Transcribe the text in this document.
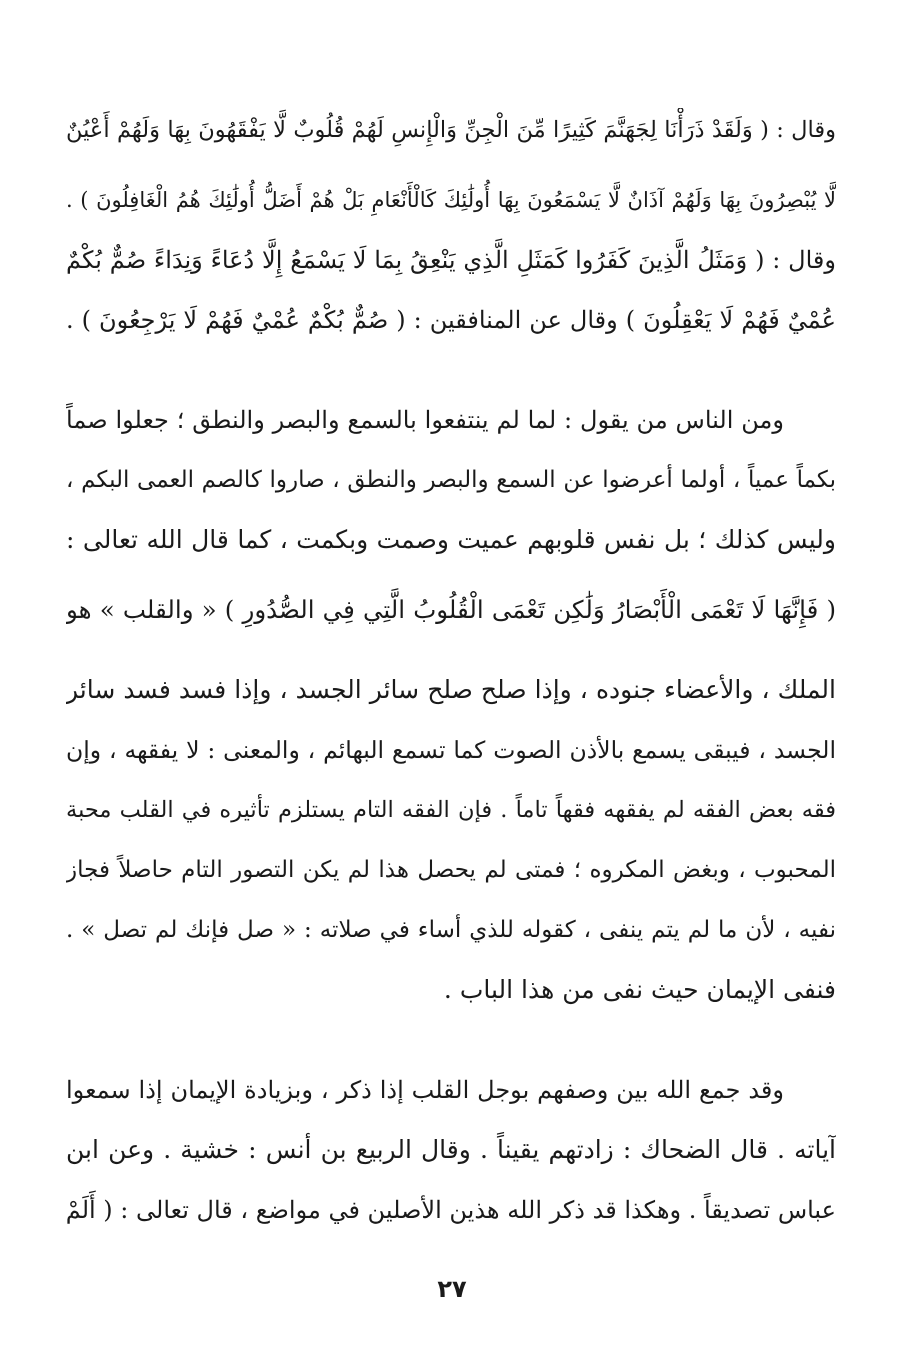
وقال : ( وَلَقَدْ ذَرَأْنَا لِجَهَنَّمَ كَثِيرًا مِّنَ الْجِنِّ وَالْإِنسِ لَهُمْ قُلُوبٌ لَّا يَفْقَهُونَ بِهَا وَلَهُمْ أَعْيُنٌ
لَّا يُبْصِرُونَ بِهَا وَلَهُمْ آذَانٌ لَّا يَسْمَعُونَ بِهَا أُولَٰئِكَ كَالْأَنْعَامِ بَلْ هُمْ أَضَلُّ أُولَٰئِكَ هُمُ الْغَافِلُونَ ) .
وقال : ( وَمَثَلُ الَّذِينَ كَفَرُوا كَمَثَلِ الَّذِي يَنْعِقُ بِمَا لَا يَسْمَعُ إِلَّا دُعَاءً وَنِدَاءً صُمٌّ بُكْمٌ
عُمْيٌ فَهُمْ لَا يَعْقِلُونَ ) وقال عن المنافقين : ( صُمٌّ بُكْمٌ عُمْيٌ فَهُمْ لَا يَرْجِعُونَ ) .
ومن الناس من يقول : لما لم ينتفعوا بالسمع والبصر والنطق ؛ جعلوا صماً
بكماً عمياً ، أولما أعرضوا عن السمع والبصر والنطق ، صاروا كالصم العمى البكم ،
وليس كذلك ؛ بل نفس قلوبهم عميت وصمت وبكمت ، كما قال الله تعالى :
( فَإِنَّهَا لَا تَعْمَى الْأَبْصَارُ وَلَٰكِن تَعْمَى الْقُلُوبُ الَّتِي فِي الصُّدُورِ ) « والقلب » هو
الملك ، والأعضاء جنوده ، وإذا صلح صلح سائر الجسد ، وإذا فسد فسد سائر
الجسد ، فيبقى يسمع بالأذن الصوت كما تسمع البهائم ، والمعنى : لا يفقهه ، وإن
فقه بعض الفقه لم يفقهه فقهاً تاماً . فإن الفقه التام يستلزم تأثيره في القلب محبة
المحبوب ، وبغض المكروه ؛ فمتى لم يحصل هذا لم يكن التصور التام حاصلاً فجاز
نفيه ، لأن ما لم يتم ينفى ، كقوله للذي أساء في صلاته : « صل فإنك لم تصل » .
فنفى الإيمان حيث نفى من هذا الباب .
وقد جمع الله بين وصفهم بوجل القلب إذا ذكر ، وبزيادة الإيمان إذا سمعوا
آياته . قال الضحاك : زادتهم يقيناً . وقال الربيع بن أنس : خشية . وعن ابن
عباس تصديقاً . وهكذا قد ذكر الله هذين الأصلين في مواضع ، قال تعالى : ( أَلَمْ
٢٧
